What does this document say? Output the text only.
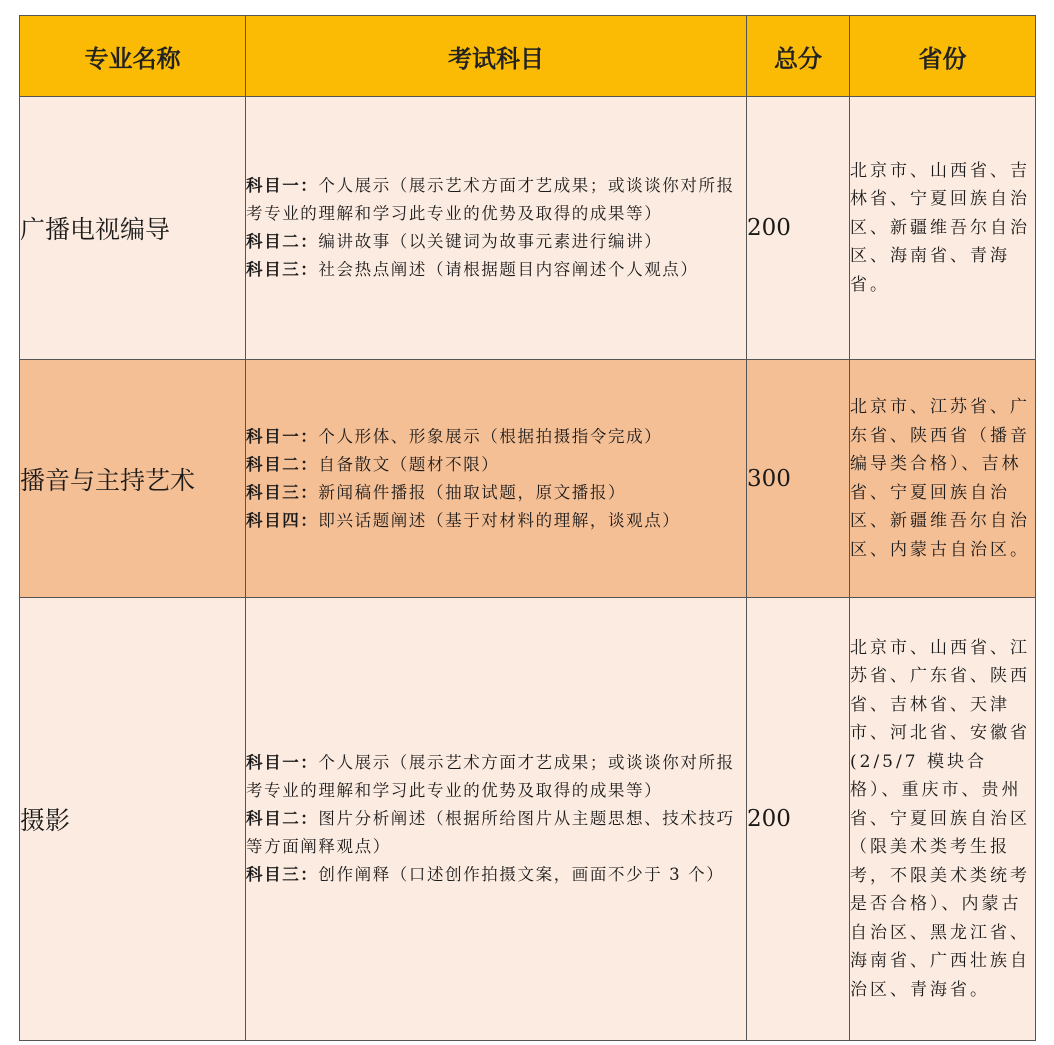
专业名称	考试科目	总分	省份
广播电视编导	科目一：个人展示（展示艺术方面才艺成果；或谈谈你对所报考专业的理解和学习此专业的优势及取得的成果等）
科目二：编讲故事（以关键词为故事元素进行编讲）
科目三：社会热点阐述（请根据题目内容阐述个人观点）	200	北京市、山西省、吉林省、宁夏回族自治区、新疆维吾尔自治区、海南省、青海省。
播音与主持艺术	科目一：个人形体、形象展示（根据拍摄指令完成）
科目二：自备散文（题材不限）
科目三：新闻稿件播报（抽取试题，原文播报）
科目四：即兴话题阐述（基于对材料的理解，谈观点）	300	北京市、江苏省、广东省、陕西省（播音编导类合格）、吉林省、宁夏回族自治区、新疆维吾尔自治区、内蒙古自治区。
摄影	科目一：个人展示（展示艺术方面才艺成果；或谈谈你对所报考专业的理解和学习此专业的优势及取得的成果等）
科目二：图片分析阐述（根据所给图片从主题思想、技术技巧等方面阐释观点）
科目三：创作阐释（口述创作拍摄文案，画面不少于 3 个）	200	北京市、山西省、江苏省、广东省、陕西省、吉林省、天津市、河北省、安徽省(2/5/7 模块合格）、重庆市、贵州省、宁夏回族自治区（限美术类考生报考，不限美术类统考是否合格）、内蒙古自治区、黑龙江省、海南省、广西壮族自治区、青海省。
